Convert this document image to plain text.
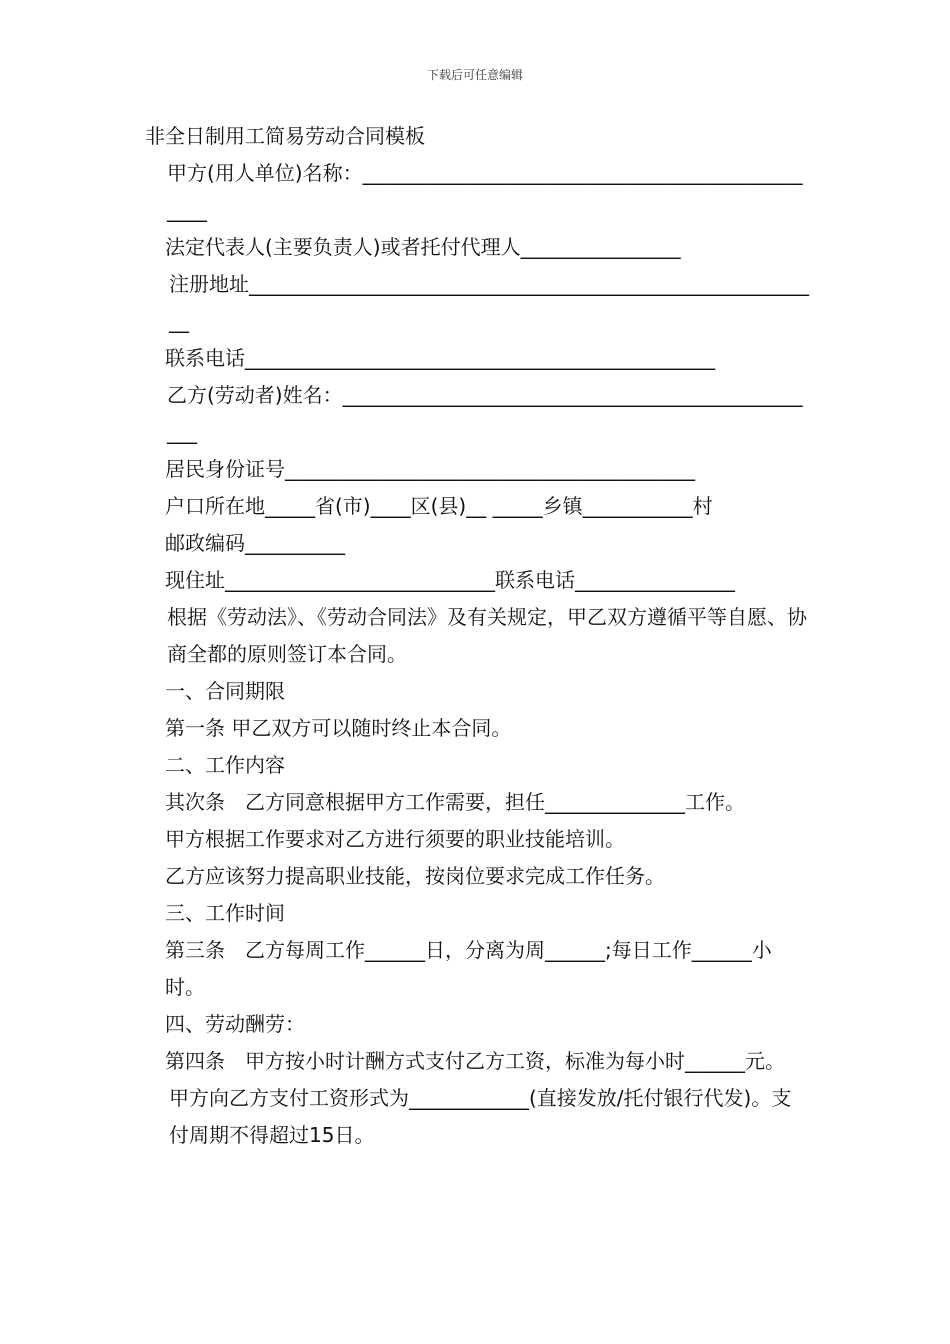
下载后可任意编辑

非全日制用工简易劳动合同模板

甲方(用人单位)名称：________________________________________________

法定代表人(主要负责人)或者托付代理人________________

注册地址__________________________________________________________

联系电话_______________________________________________

乙方(劳动者)姓名：_________________________________________________

居民身份证号_________________________________________

户口所在地_____省(市)____区(县)__ _____乡镇___________村

邮政编码__________

现住址___________________________联系电话________________

根据《劳动法》、《劳动合同法》及有关规定，甲乙双方遵循平等自愿、协商全都的原则签订本合同。

一、合同期限

第一条 甲乙双方可以随时终止本合同。

二、工作内容

其次条　乙方同意根据甲方工作需要，担任______________工作。

甲方根据工作要求对乙方进行须要的职业技能培训。

乙方应该努力提高职业技能，按岗位要求完成工作任务。

三、工作时间

第三条　乙方每周工作______日，分离为周______;每日工作______小时。

四、劳动酬劳：

第四条　甲方按小时计酬方式支付乙方工资，标准为每小时______元。

甲方向乙方支付工资形式为____________(直接发放/托付银行代发)。支付周期不得超过15日。
